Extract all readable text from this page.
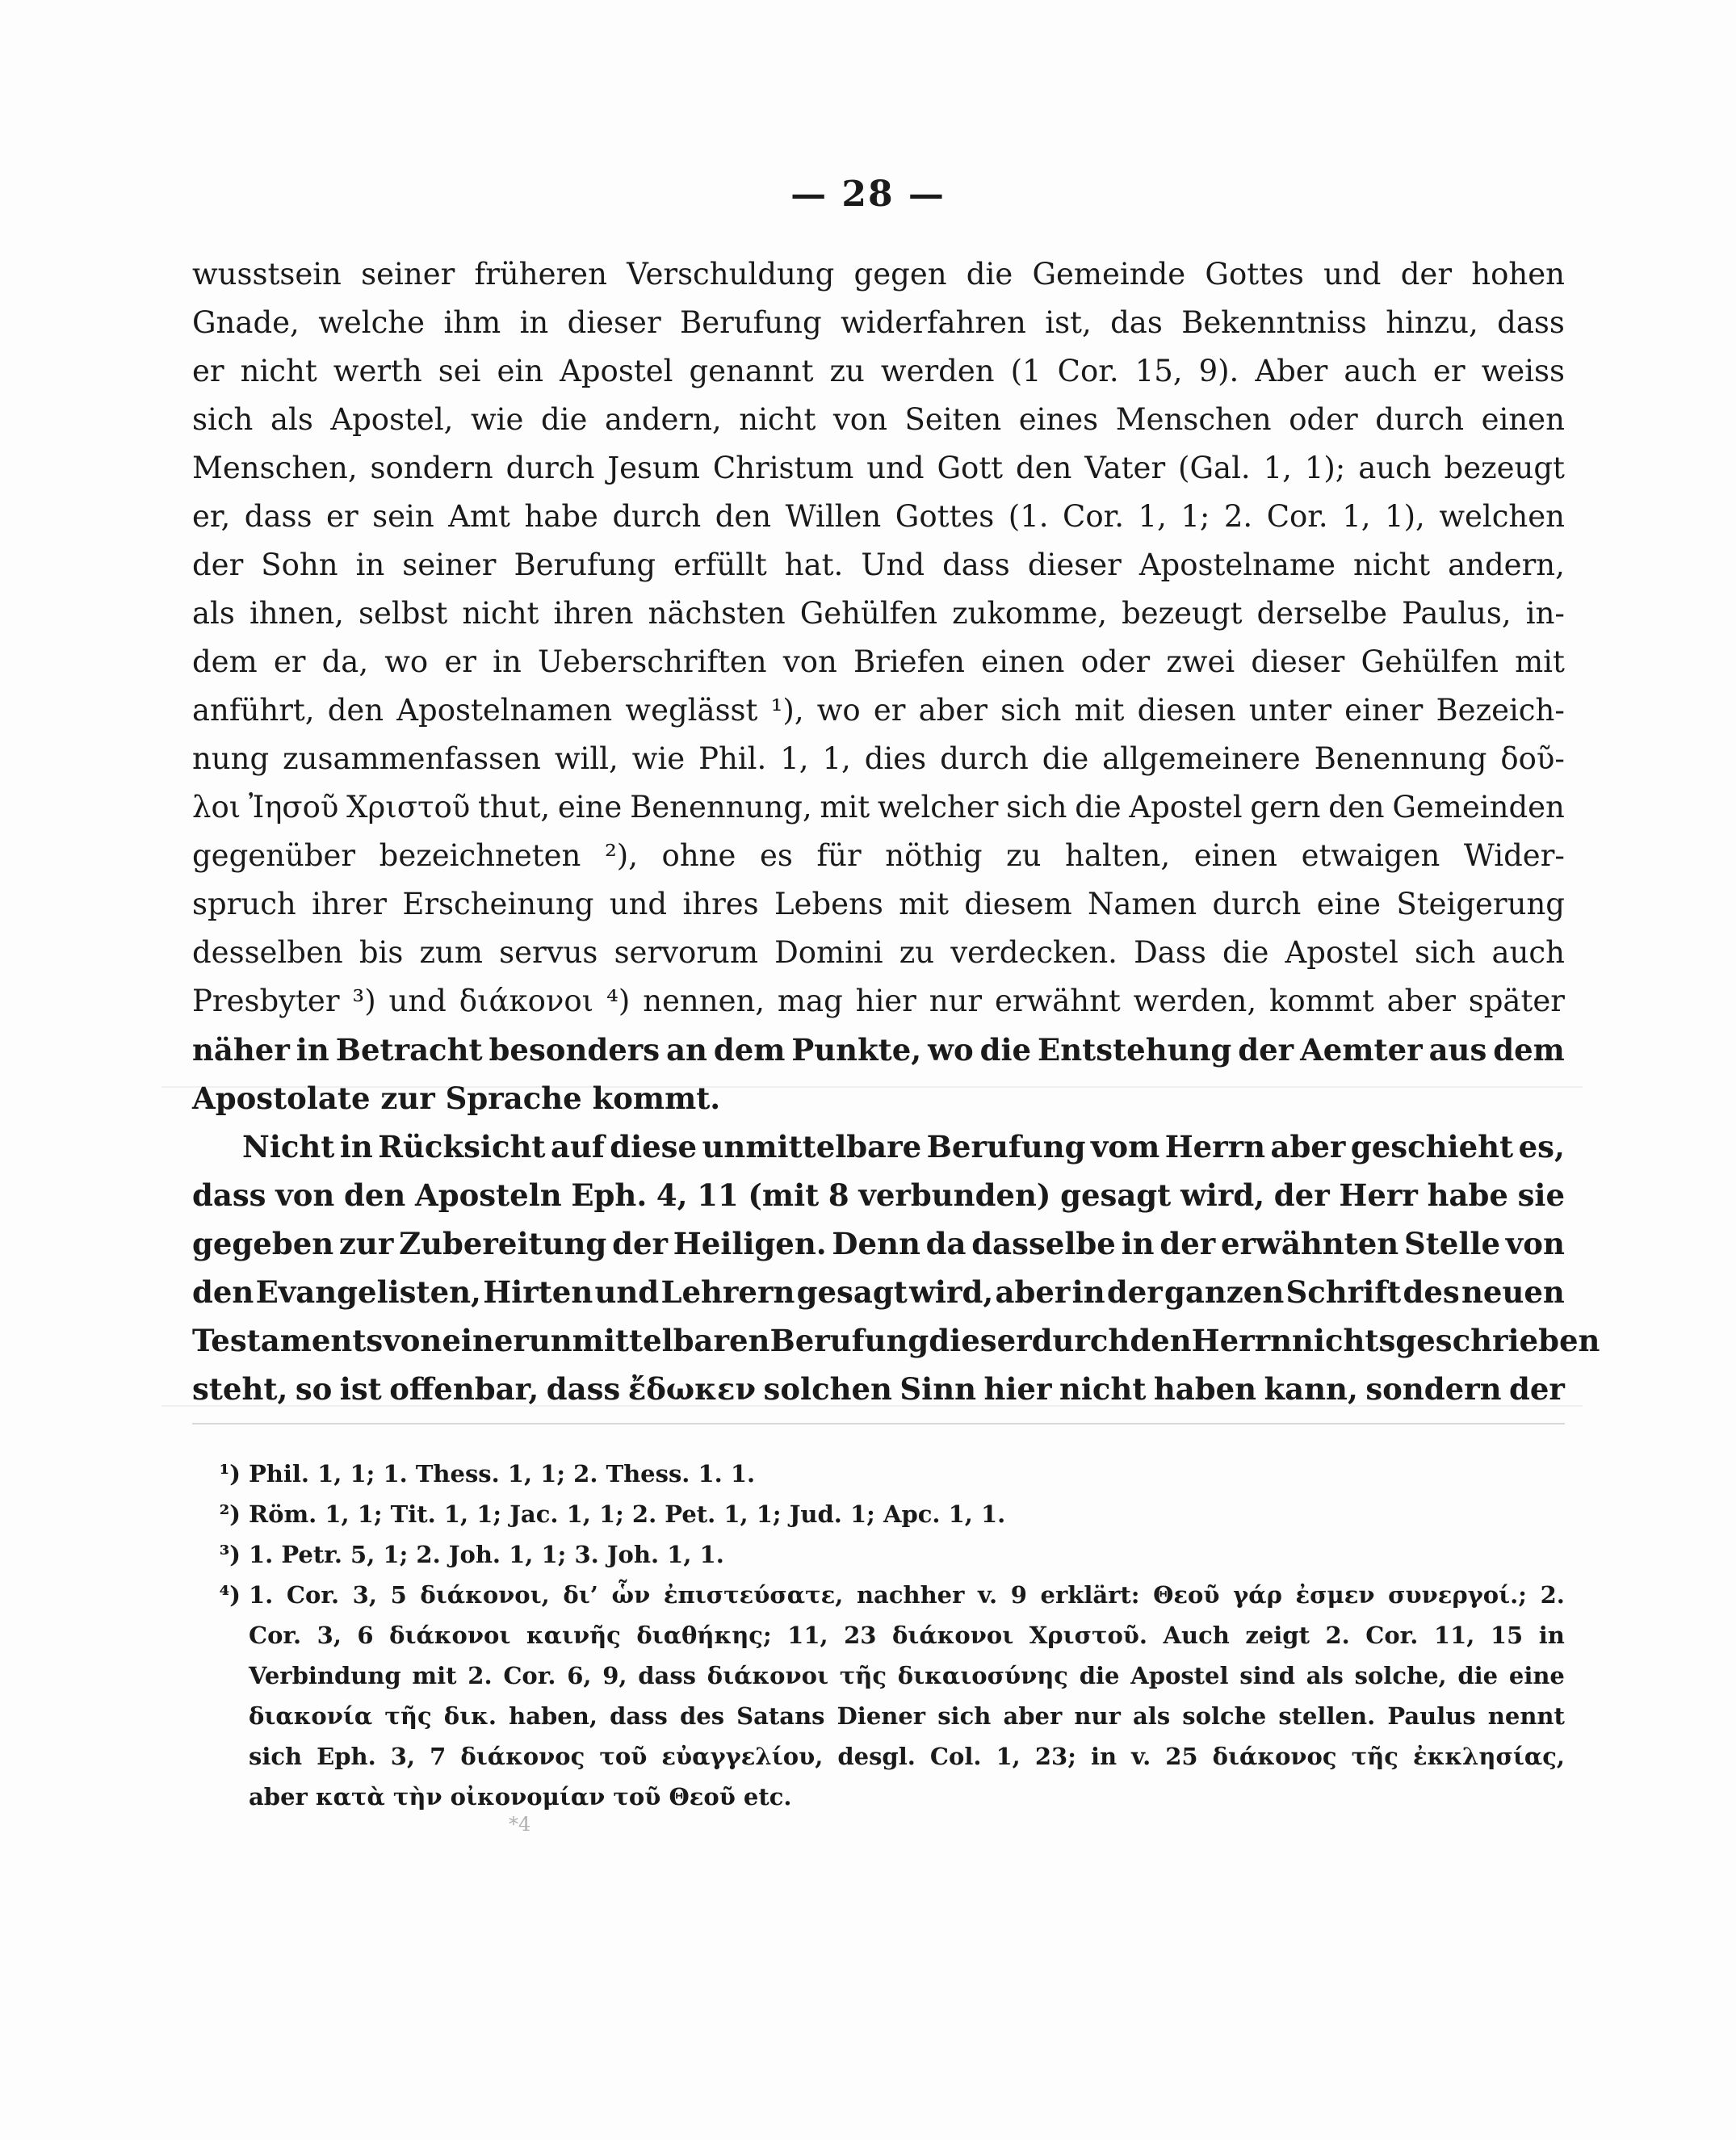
— 28 —
wusstsein seiner früheren Verschuldung gegen die Gemeinde Gottes und der hohen
Gnade, welche ihm in dieser Berufung widerfahren ist, das Bekenntniss hinzu, dass
er nicht werth sei ein Apostel genannt zu werden (1 Cor. 15, 9). Aber auch er weiss
sich als Apostel, wie die andern, nicht von Seiten eines Menschen oder durch einen
Menschen, sondern durch Jesum Christum und Gott den Vater (Gal. 1, 1); auch bezeugt
er, dass er sein Amt habe durch den Willen Gottes (1. Cor. 1, 1; 2. Cor. 1, 1), welchen
der Sohn in seiner Berufung erfüllt hat. Und dass dieser Apostelname nicht andern,
als ihnen, selbst nicht ihren nächsten Gehülfen zukomme, bezeugt derselbe Paulus, in-
dem er da, wo er in Ueberschriften von Briefen einen oder zwei dieser Gehülfen mit
anführt, den Apostelnamen weglässt ¹), wo er aber sich mit diesen unter einer Bezeich-
nung zusammenfassen will, wie Phil. 1, 1, dies durch die allgemeinere Benennung δοῦ-
λοι Ἰησοῦ Χριστοῦ thut, eine Benennung, mit welcher sich die Apostel gern den Gemeinden
gegenüber bezeichneten ²), ohne es für nöthig zu halten, einen etwaigen Wider-
spruch ihrer Erscheinung und ihres Lebens mit diesem Namen durch eine Steigerung
desselben bis zum servus servorum Domini zu verdecken. Dass die Apostel sich auch
Presbyter ³) und διάκονοι ⁴) nennen, mag hier nur erwähnt werden, kommt aber später
näher in Betracht besonders an dem Punkte, wo die Entstehung der Aemter aus dem
Apostolate zur Sprache kommt.
Nicht in Rücksicht auf diese unmittelbare Berufung vom Herrn aber geschieht es,
dass von den Aposteln Eph. 4, 11 (mit 8 verbunden) gesagt wird, der Herr habe sie
gegeben zur Zubereitung der Heiligen. Denn da dasselbe in der erwähnten Stelle von
den Evangelisten, Hirten und Lehrern gesagt wird, aber in der ganzen Schrift des neuen
Testaments von einer unmittelbaren Berufung dieser durch den Herrn nichts geschrieben
steht, so ist offenbar, dass ἔδωκεν solchen Sinn hier nicht haben kann, sondern der
¹) Phil. 1, 1; 1. Thess. 1, 1; 2. Thess. 1. 1.
²) Röm. 1, 1; Tit. 1, 1; Jac. 1, 1; 2. Pet. 1, 1; Jud. 1; Apc. 1, 1.
³) 1. Petr. 5, 1; 2. Joh. 1, 1; 3. Joh. 1, 1.
⁴) 1. Cor. 3, 5 διάκονοι, δι’ ὧν ἐπιστεύσατε, nachher v. 9 erklärt: Θεοῦ γάρ ἐσμεν συνεργοί.; 2.
Cor. 3, 6 διάκονοι καινῆς διαθήκης; 11, 23 διάκονοι Χριστοῦ. Auch zeigt 2. Cor. 11, 15 in
Verbindung mit 2. Cor. 6, 9, dass διάκονοι τῆς δικαιοσύνης die Apostel sind als solche, die eine
διακονία τῆς δικ. haben, dass des Satans Diener sich aber nur als solche stellen. Paulus nennt
sich Eph. 3, 7 διάκονος τοῦ εὐαγγελίου, desgl. Col. 1, 23; in v. 25 διάκονος τῆς ἐκκλησίας,
aber κατὰ τὴν οἰκονομίαν τοῦ Θεοῦ etc.
*4
